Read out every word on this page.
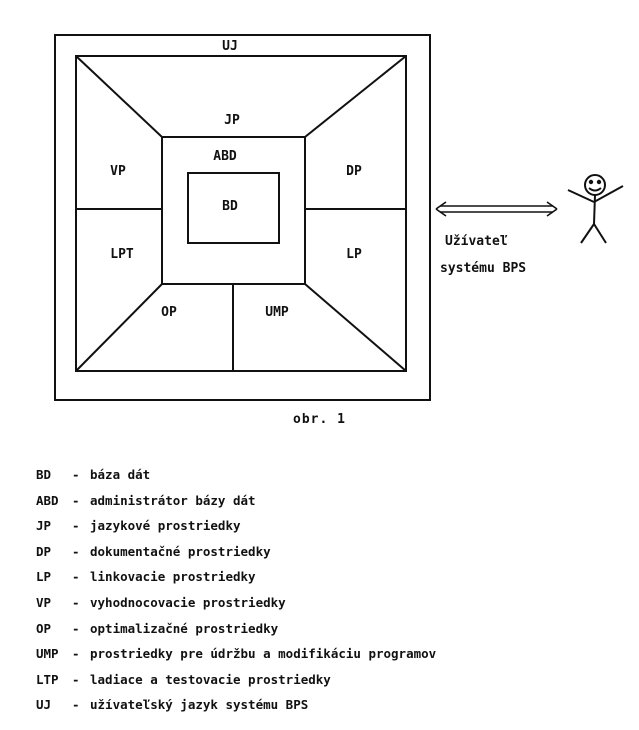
UJ
JP
ABD
BD
VP
LPT
DP
LP
OP	UMP
Užívateľ
systému BPS
obr. 1
BD - báza dát
ABD - administrátor bázy dát
JP - jazykové prostriedky
DP - dokumentačné prostriedky
LP - linkovacie prostriedky
VP - vyhodnocovacie prostriedky
OP - optimalizačné prostriedky
UMP - prostriedky pre údržbu a modifikáciu programov
LTP - ladiace a testovacie prostriedky
UJ - užívateľský jazyk systému BPS
